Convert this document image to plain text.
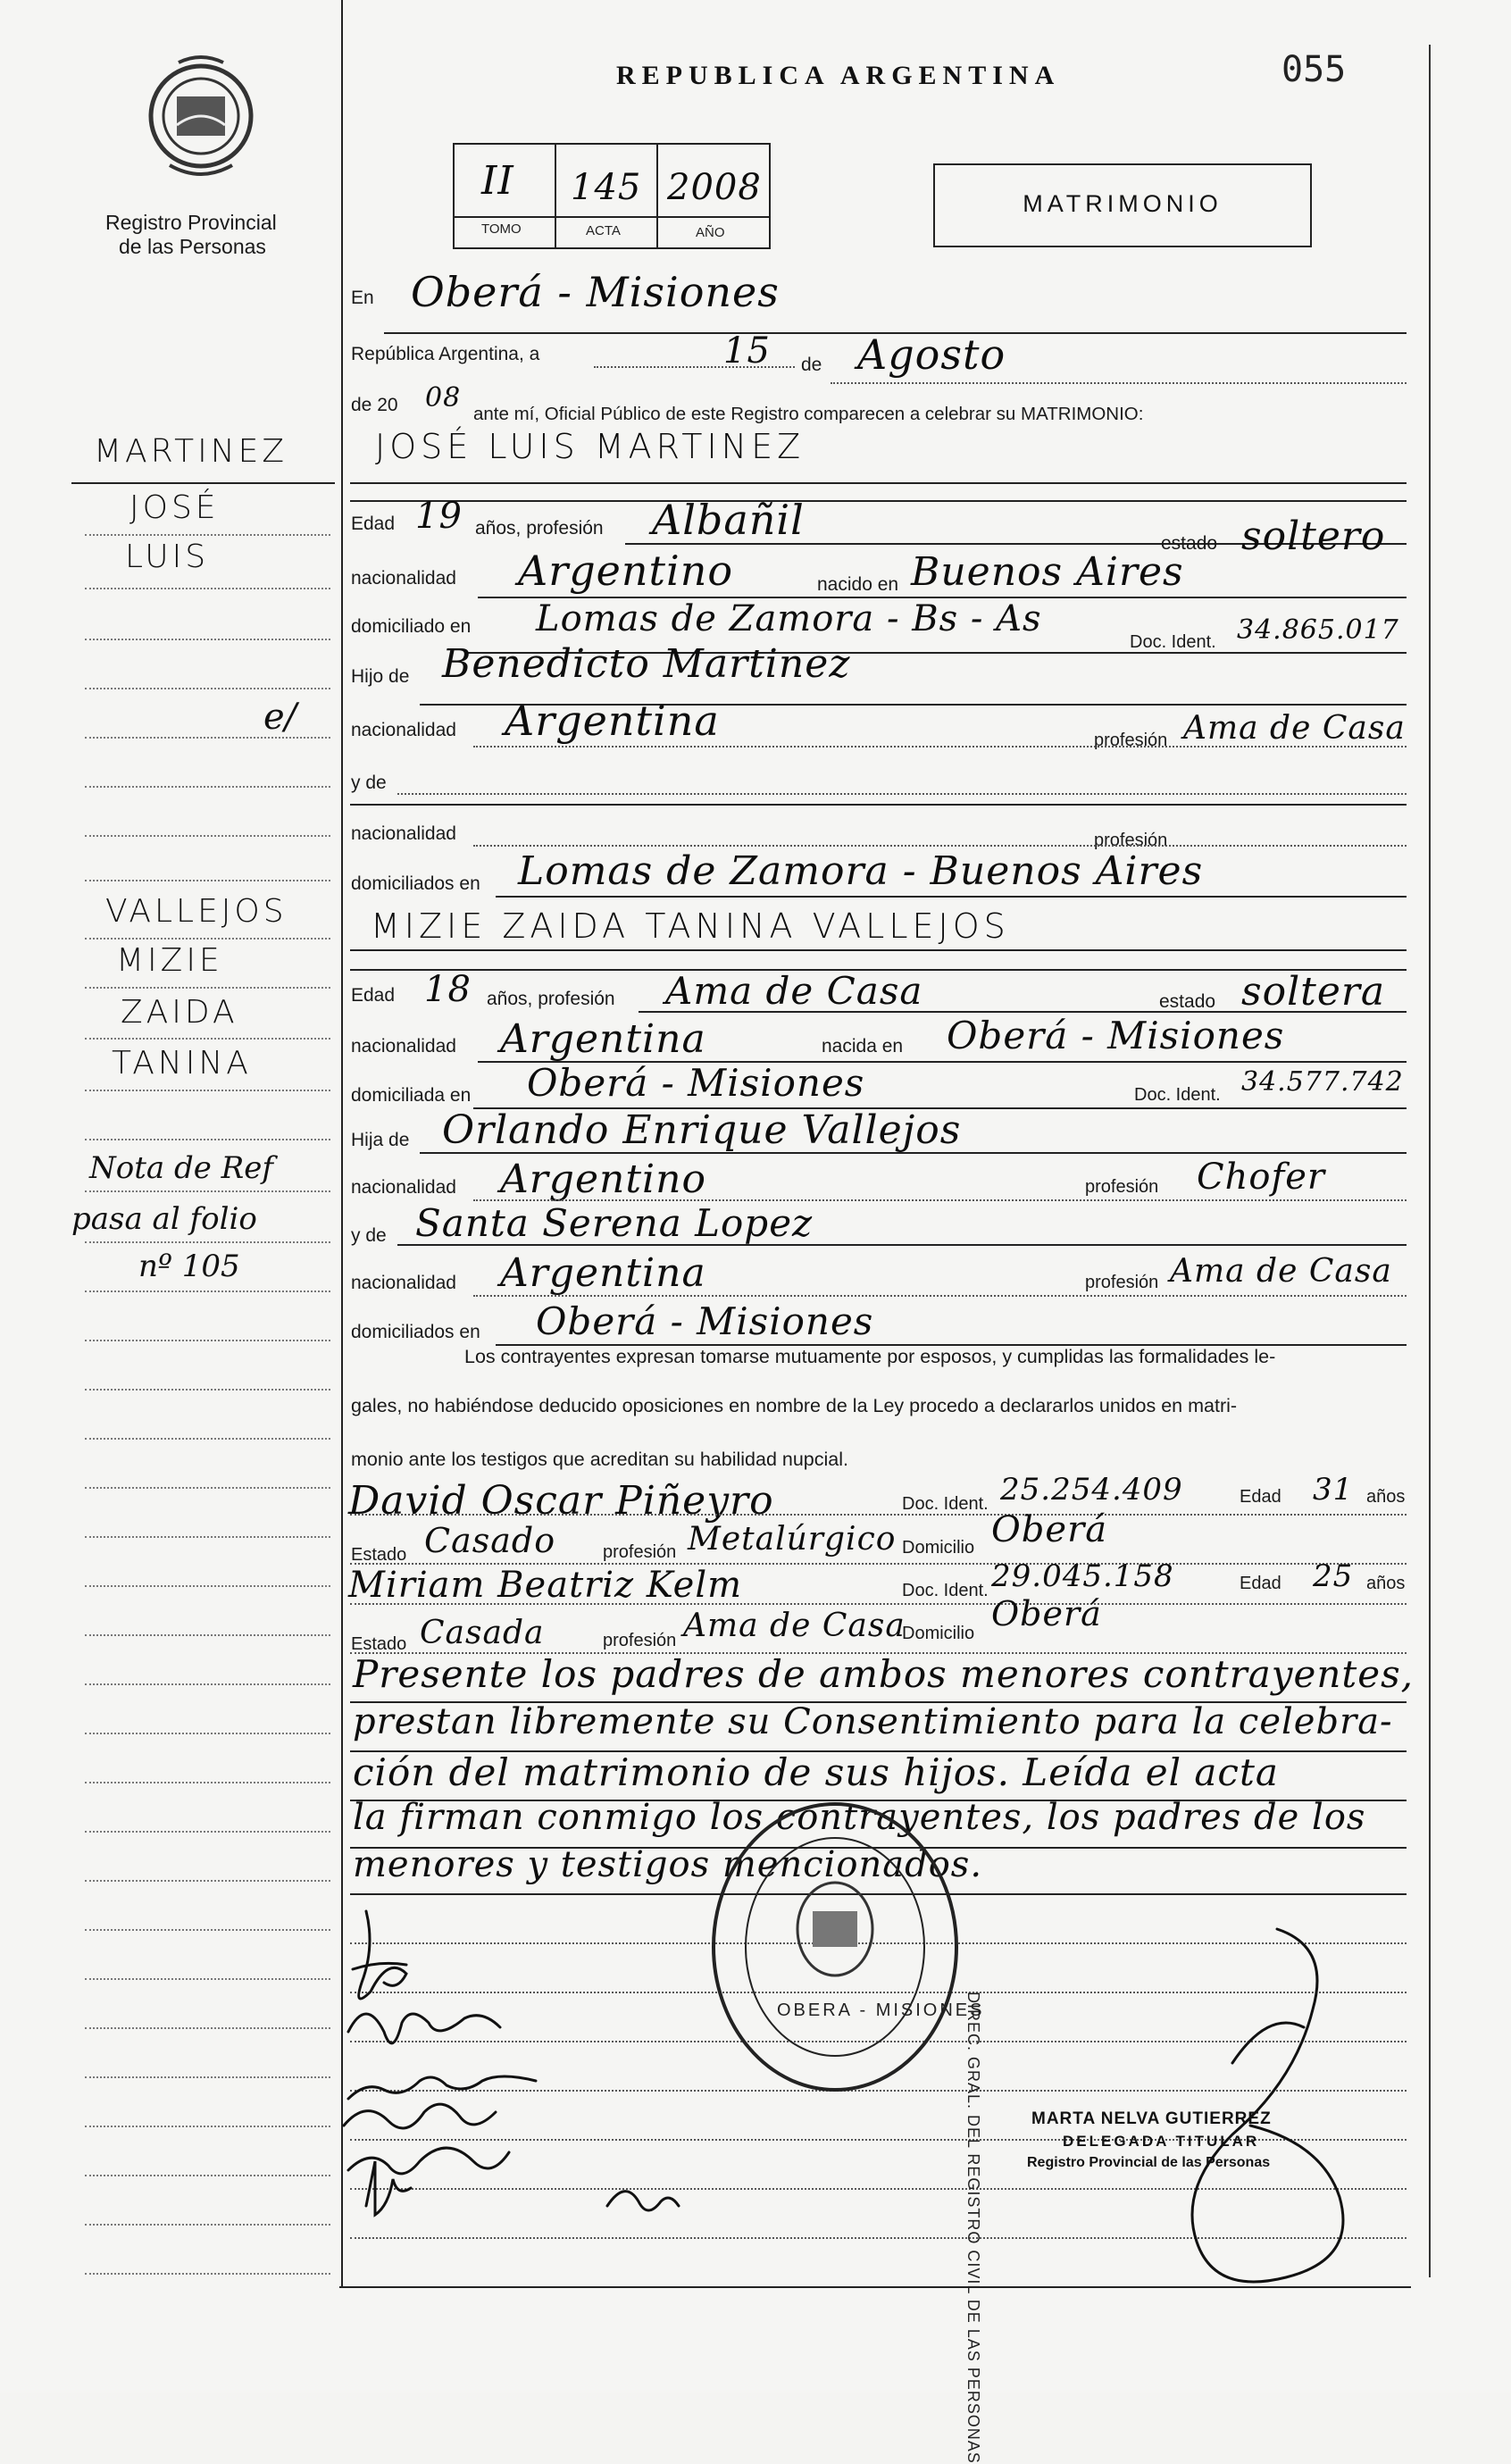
Registro Provincial
de las Personas
REPUBLICA ARGENTINA	055
II 145 2008
TOMO	ACTA	AÑO
MATRIMONIO
En Oberá - Misiones
República Argentina, a	15 de Agosto
de 20 08
ante mí, Oficial Público de este Registro comparecen a celebrar su MATRIMONIO:
JOSÉ LUIS MARTINEZ
Edad 19 años, profesión Albañil	estado soltero
nacionalidad Argentino	nacido en Buenos Aires
domiciliado en Lomas de Zamora - Bs - As
Doc. Ident. 34.865.017
Hijo de Benedicto Martinez
nacionalidad Argentina	profesión Ama de Casa
y de
nacionalidad	profesión
domiciliados en Lomas de Zamora - Buenos Aires
MIZIE ZAIDA TANINA VALLEJOS
Edad 18 años, profesión Ama de Casa	estado soltera
nacionalidad Argentina	nacida en Oberá - Misiones
domiciliada en Oberá - Misiones	Doc. Ident. 34.577.742
Hija de Orlando Enrique Vallejos
nacionalidad Argentino	profesión Chofer
y de Santa Serena Lopez
nacionalidad Argentina	profesión Ama de Casa
domiciliados en Oberá - Misiones
Los contrayentes expresan tomarse mutuamente por esposos, y cumplidas las formalidades le-
gales, no habiéndose deducido oposiciones en nombre de la Ley procedo a declararlos unidos en matri-
monio ante los testigos que acreditan su habilidad nupcial.
David Oscar Piñeyro	Doc. Ident. 25.254.409	Edad 31 años
Estado Casado	profesión Metalúrgico Domicilio Oberá
Miriam Beatriz Kelm	Doc. Ident. 29.045.158	Edad 25 años
Estado Casada	profesión Ama de Casa
Domicilio Oberá
Presente los padres de ambos menores contrayentes,
prestan libremente su Consentimiento para la celebra-
ción del matrimonio de sus hijos. Leída el acta
la firman conmigo los contrayentes, los padres de los
menores y testigos mencionados.
MARTINEZ
JOSÉ
LUIS
e/
VALLEJOS
MIZIE
ZAIDA
TANINA
Nota de Ref
pasa al folio
nº 105
DIREC. GRAL. DEL REGISTRO CIVIL DE LAS PERSONAS
OBERA - MISIONES
MARTA NELVA GUTIERREZ
DELEGADA TITULAR
Registro Provincial de las Personas
